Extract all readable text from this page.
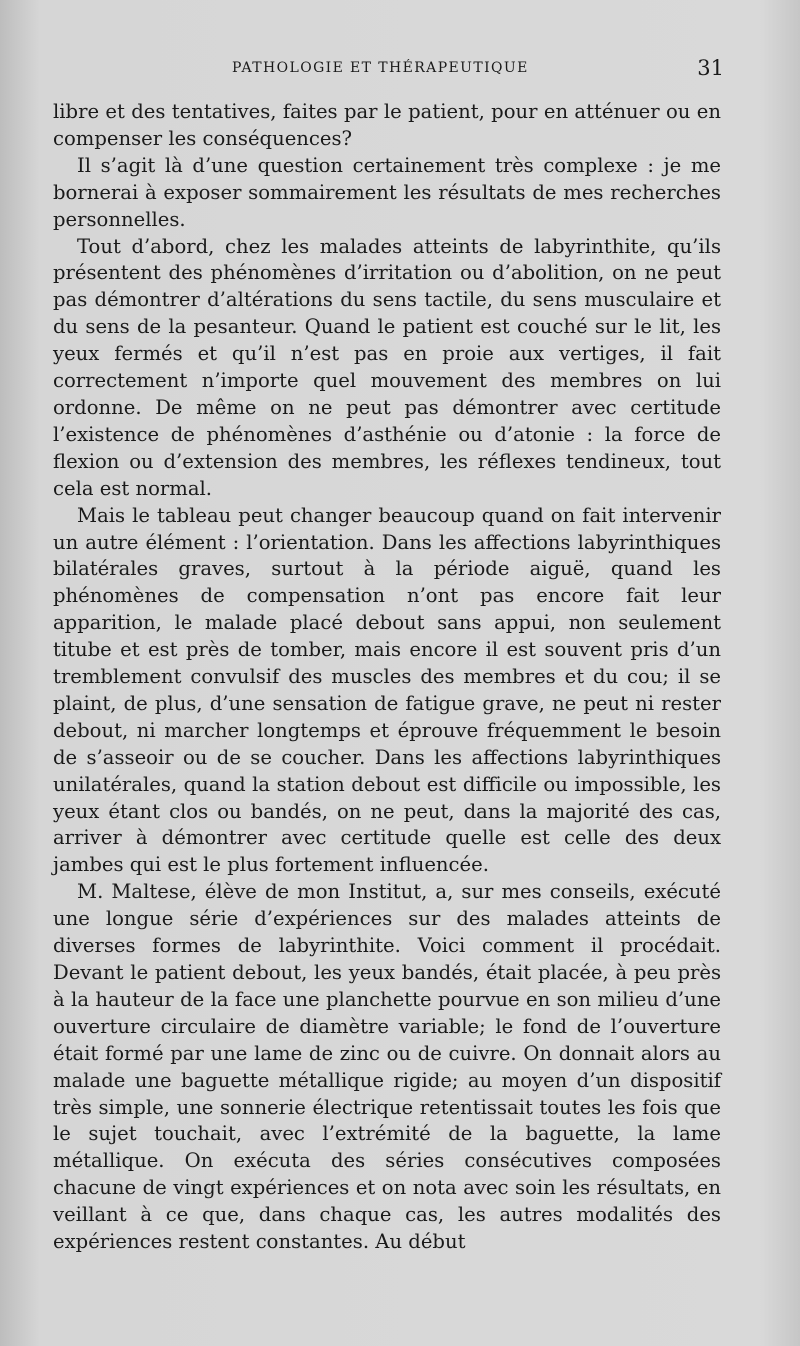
PATHOLOGIE ET THÉRAPEUTIQUE	31

libre et des tentatives, faites par le patient, pour en atténuer ou en compenser les conséquences?

Il s’agit là d’une question certainement très complexe : je me bornerai à exposer sommairement les résultats de mes recherches personnelles.

Tout d’abord, chez les malades atteints de labyrinthite, qu’ils présentent des phénomènes d’irritation ou d’abolition, on ne peut pas démontrer d’altérations du sens tactile, du sens musculaire et du sens de la pesanteur. Quand le patient est couché sur le lit, les yeux fermés et qu’il n’est pas en proie aux vertiges, il fait correctement n’importe quel mouvement des membres on lui ordonne. De même on ne peut pas démontrer avec certitude l’existence de phénomènes d’asthénie ou d’atonie : la force de flexion ou d’extension des membres, les réflexes tendineux, tout cela est normal.

Mais le tableau peut changer beaucoup quand on fait intervenir un autre élément : l’orientation. Dans les affections labyrinthiques bilatérales graves, surtout à la période aiguë, quand les phénomènes de compensation n’ont pas encore fait leur apparition, le malade placé debout sans appui, non seulement titube et est près de tomber, mais encore il est souvent pris d’un tremblement convulsif des muscles des membres et du cou; il se plaint, de plus, d’une sensation de fatigue grave, ne peut ni rester debout, ni marcher longtemps et éprouve fréquemment le besoin de s’asseoir ou de se coucher. Dans les affections labyrinthiques unilatérales, quand la station debout est difficile ou impossible, les yeux étant clos ou bandés, on ne peut, dans la majorité des cas, arriver à démontrer avec certitude quelle est celle des deux jambes qui est le plus fortement influencée.

M. Maltese, élève de mon Institut, a, sur mes conseils, exécuté une longue série d’expériences sur des malades atteints de diverses formes de labyrinthite. Voici comment il procédait. Devant le patient debout, les yeux bandés, était placée, à peu près à la hauteur de la face une planchette pourvue en son milieu d’une ouverture circulaire de diamètre variable; le fond de l’ouverture était formé par une lame de zinc ou de cuivre. On donnait alors au malade une baguette métallique rigide; au moyen d’un dispositif très simple, une sonnerie électrique retentissait toutes les fois que le sujet touchait, avec l’extrémité de la baguette, la lame métallique. On exécuta des séries consécutives composées chacune de vingt expériences et on nota avec soin les résultats, en veillant à ce que, dans chaque cas, les autres modalités des expériences restent constantes. Au début
